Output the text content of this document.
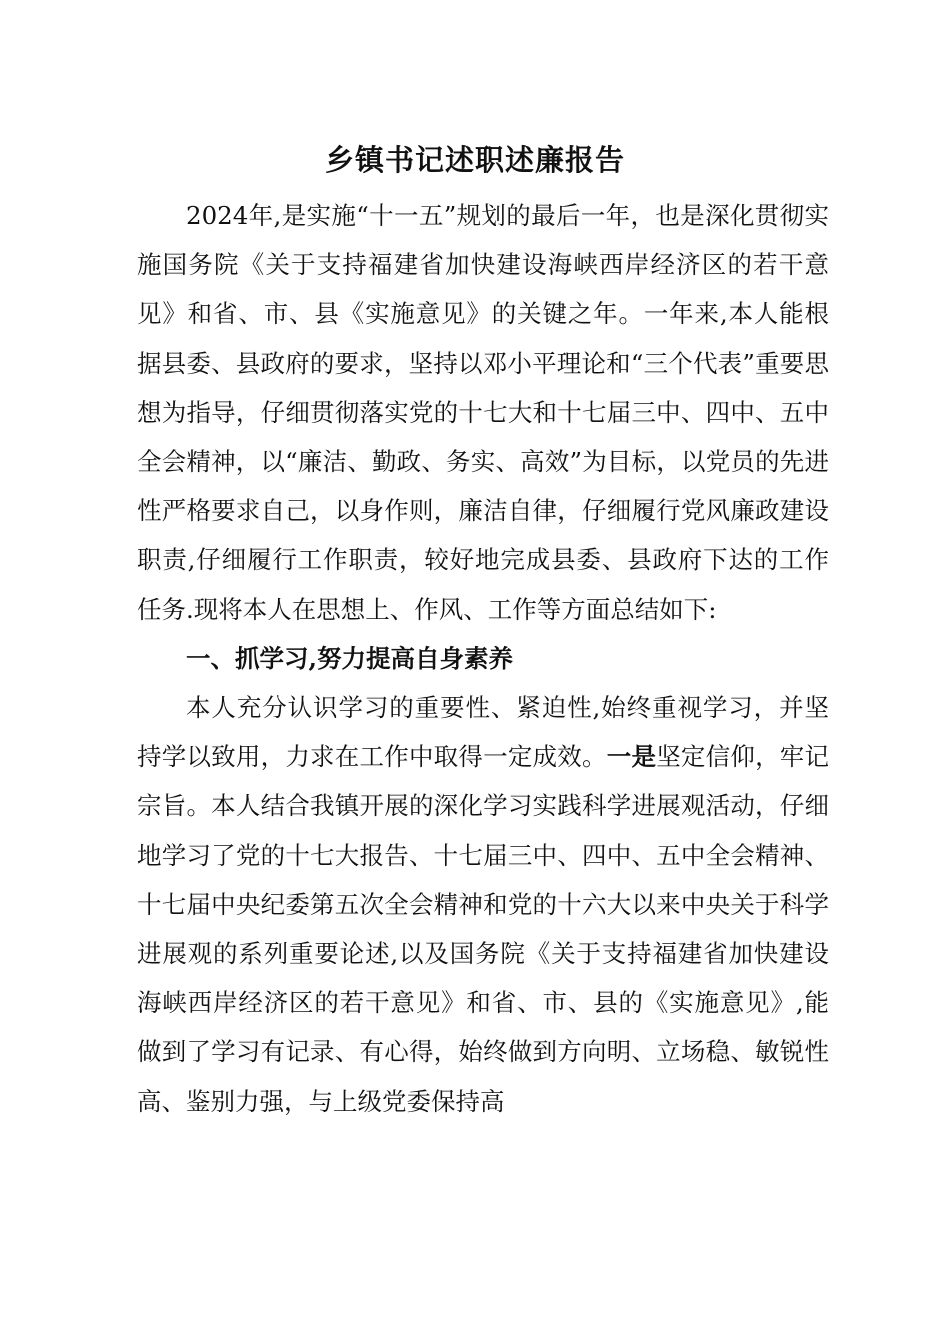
乡镇书记述职述廉报告

2024年,是实施“十一五”规划的最后一年，也是深化贯彻实施国务院《关于支持福建省加快建设海峡西岸经济区的若干意见》和省、市、县《实施意见》的关键之年。一年来,本人能根据县委、县政府的要求，坚持以邓小平理论和“三个代表”重要思想为指导，仔细贯彻落实党的十七大和十七届三中、四中、五中全会精神，以“廉洁、勤政、务实、高效”为目标，以党员的先进性严格要求自己，以身作则，廉洁自律，仔细履行党风廉政建设职责,仔细履行工作职责，较好地完成县委、县政府下达的工作任务.现将本人在思想上、作风、工作等方面总结如下:

一、抓学习,努力提高自身素养

本人充分认识学习的重要性、紧迫性,始终重视学习，并坚持学以致用，力求在工作中取得一定成效。一是坚定信仰，牢记宗旨。本人结合我镇开展的深化学习实践科学进展观活动，仔细地学习了党的十七大报告、十七届三中、四中、五中全会精神、十七届中央纪委第五次全会精神和党的十六大以来中央关于科学进展观的系列重要论述,以及国务院《关于支持福建省加快建设海峡西岸经济区的若干意见》和省、市、县的《实施意见》,能做到了学习有记录、有心得，始终做到方向明、立场稳、敏锐性高、鉴别力强，与上级党委保持高
